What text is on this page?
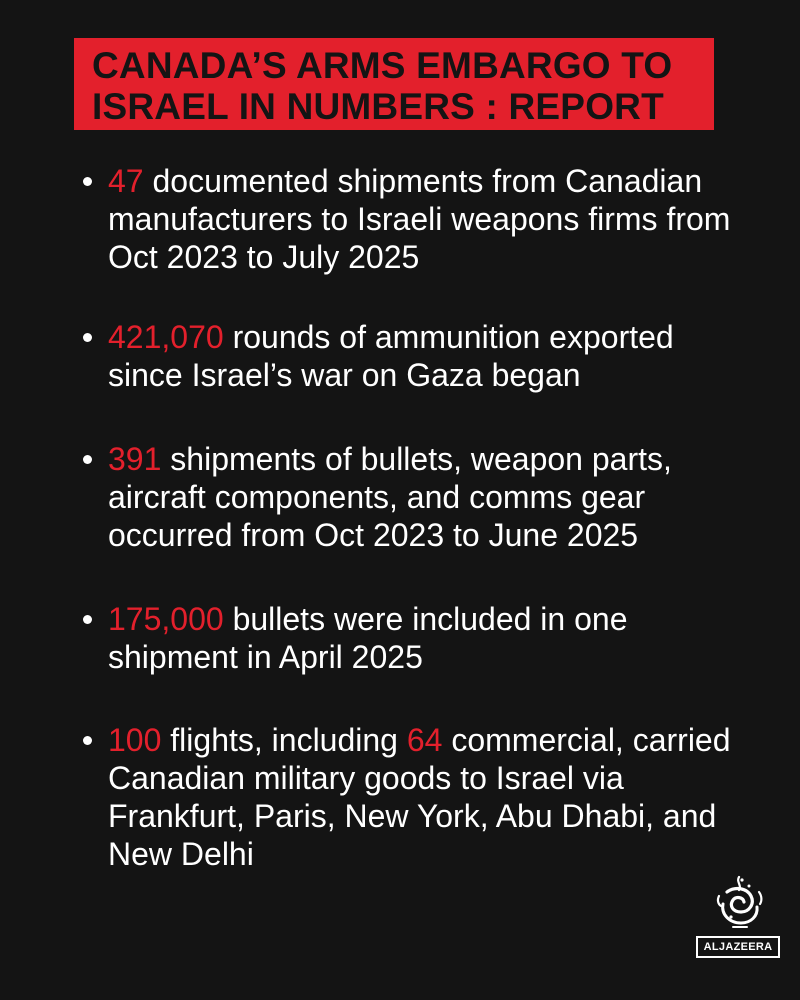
CANADA’S ARMS EMBARGO TO
ISRAEL IN NUMBERS : REPORT
47 documented shipments from Canadian manufacturers to Israeli weapons firms from Oct 2023 to July 2025
421,070 rounds of ammunition exported since Israel’s war on Gaza began
391 shipments of bullets, weapon parts, aircraft components, and comms gear occurred from Oct 2023 to June 2025
175,000 bullets were included in one shipment in April 2025
100 flights, including 64 commercial, carried Canadian military goods to Israel via Frankfurt, Paris, New York, Abu Dhabi, and New Delhi
ALJAZEERA
